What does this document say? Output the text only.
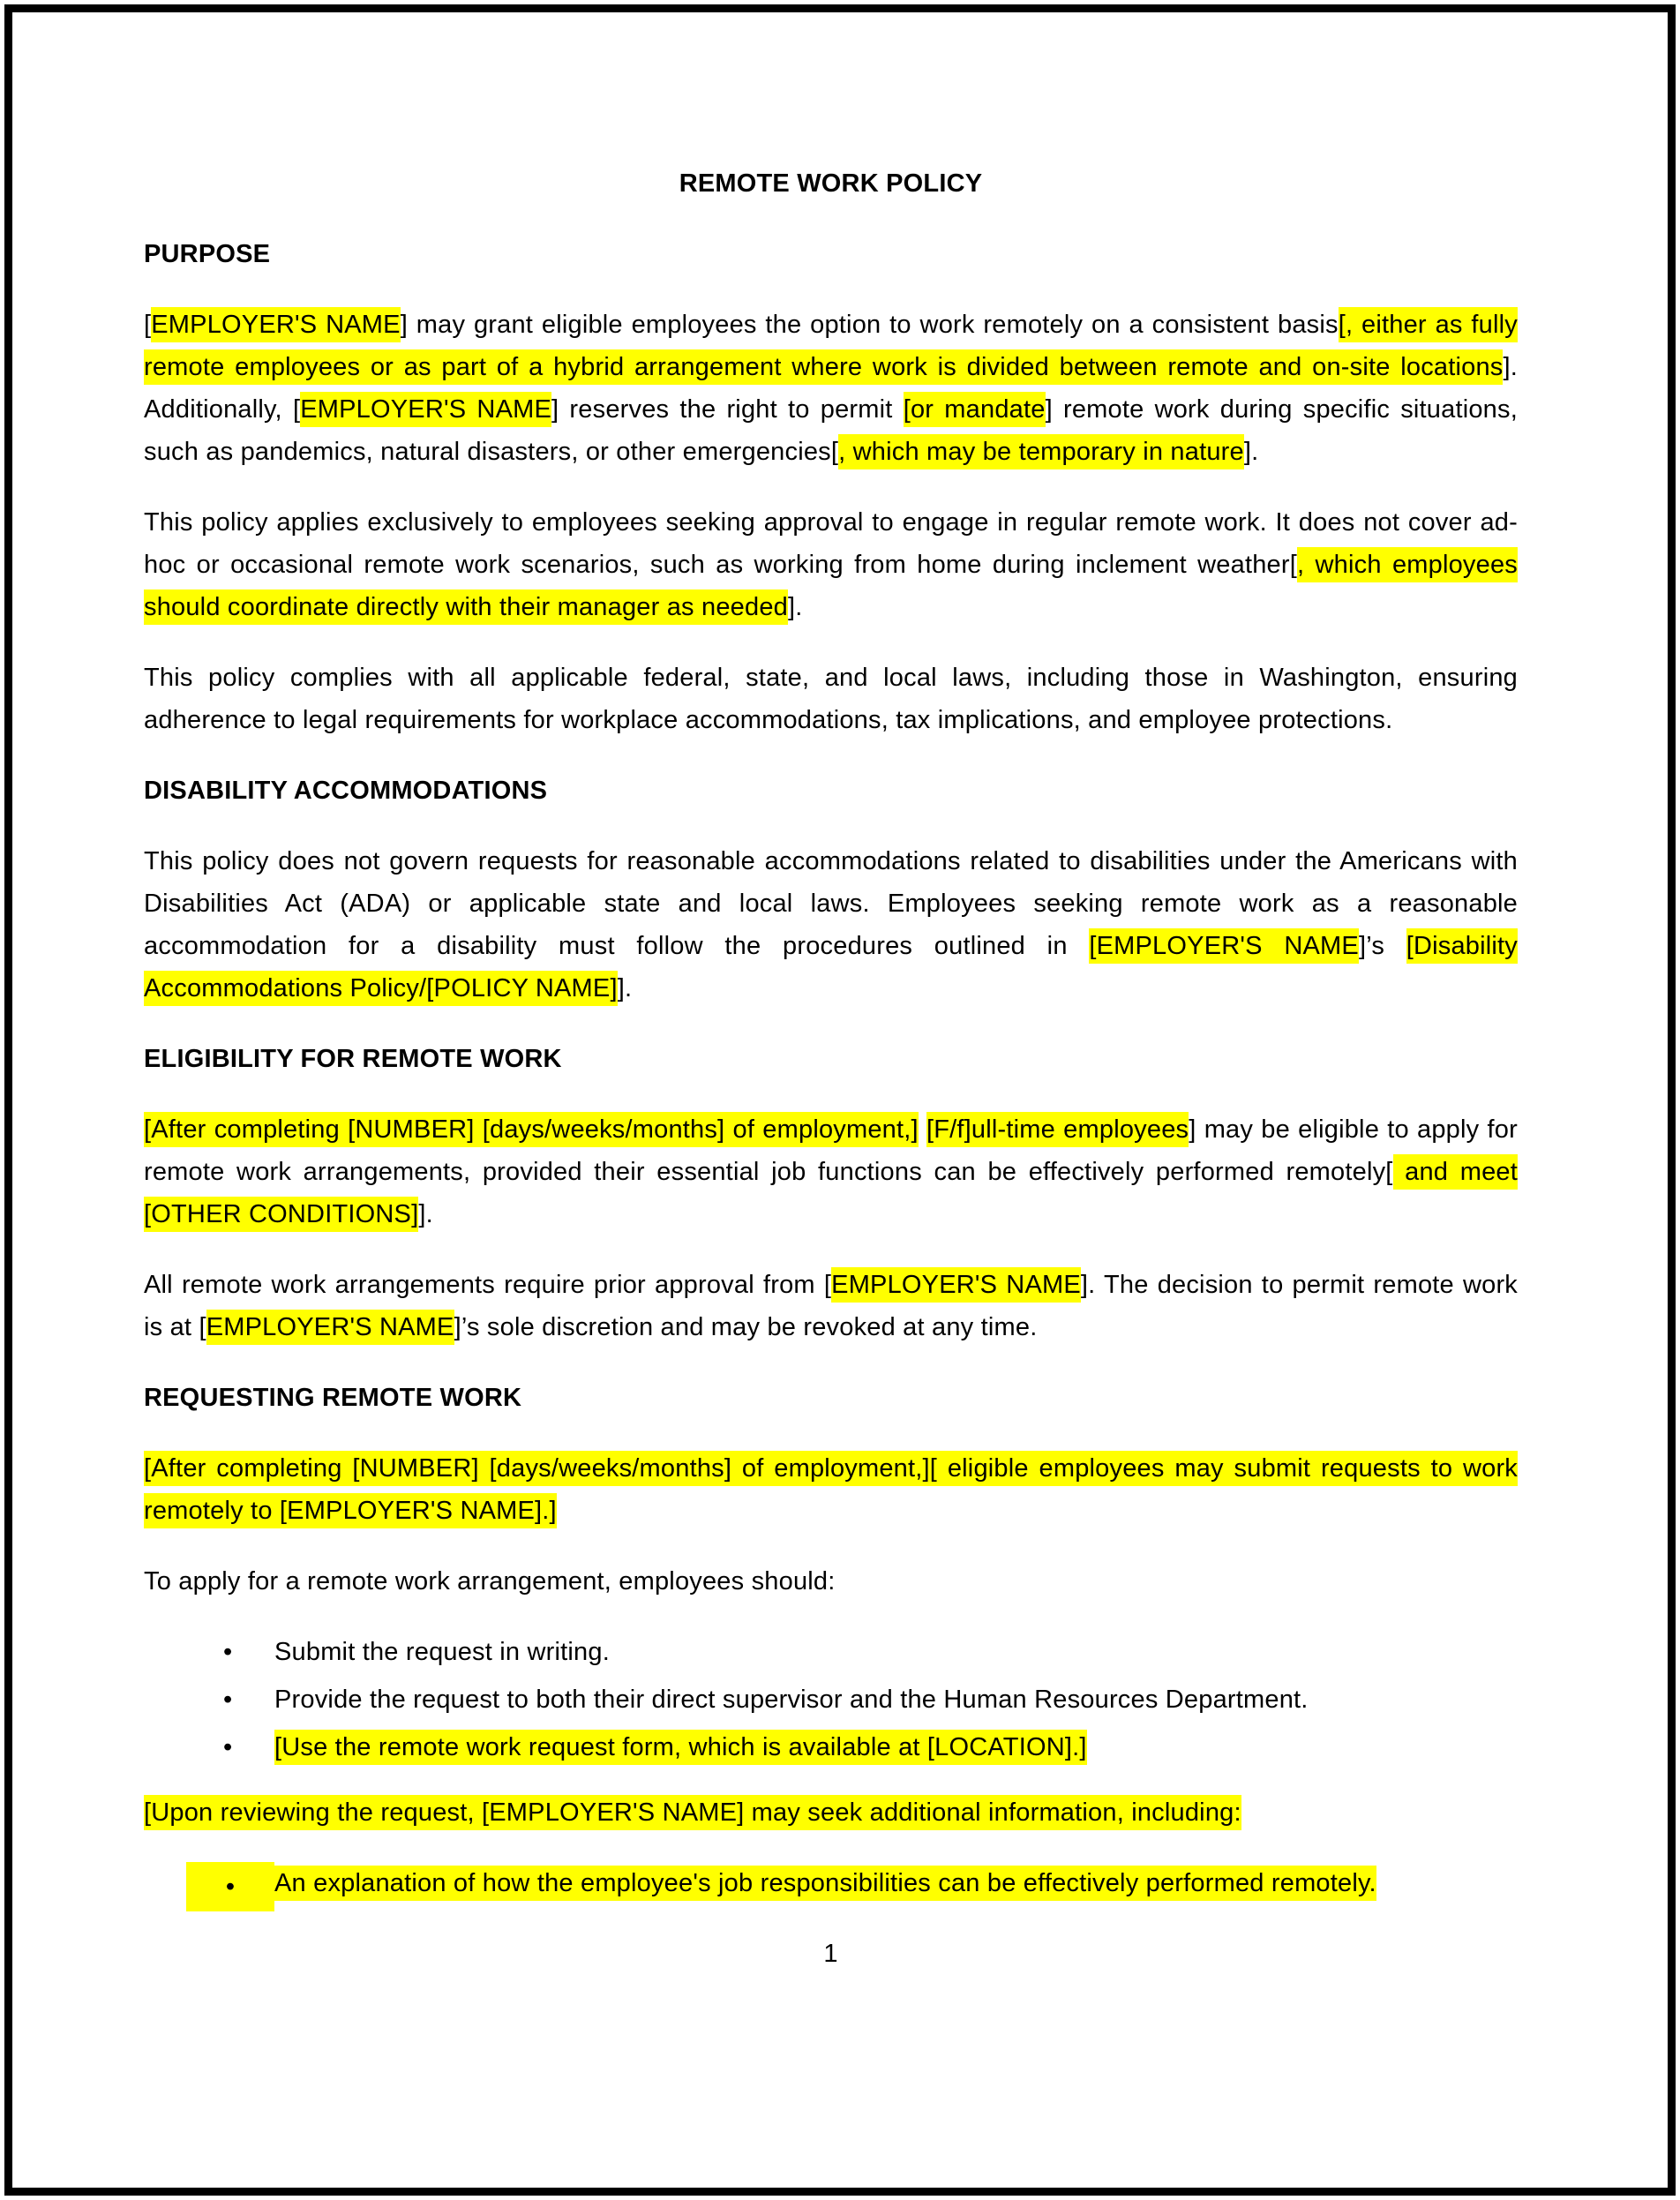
REMOTE WORK POLICY
PURPOSE

[EMPLOYER'S NAME] may grant eligible employees the option to work remotely on a consistent basis[, either as fully remote employees or as part of a hybrid arrangement where work is divided between remote and on-site locations]. Additionally, [EMPLOYER'S NAME] reserves the right to permit [or mandate] remote work during specific situations, such as pandemics, natural disasters, or other emergencies[, which may be temporary in nature].

This policy applies exclusively to employees seeking approval to engage in regular remote work. It does not cover ad-hoc or occasional remote work scenarios, such as working from home during inclement weather[, which employees should coordinate directly with their manager as needed].

This policy complies with all applicable federal, state, and local laws, including those in Washington, ensuring adherence to legal requirements for workplace accommodations, tax implications, and employee protections.

DISABILITY ACCOMMODATIONS

This policy does not govern requests for reasonable accommodations related to disabilities under the Americans with Disabilities Act (ADA) or applicable state and local laws. Employees seeking remote work as a reasonable accommodation for a disability must follow the procedures outlined in [EMPLOYER'S NAME]’s [Disability Accommodations Policy/[POLICY NAME]].

ELIGIBILITY FOR REMOTE WORK

[After completing [NUMBER] [days/weeks/months] of employment,] [F/f]ull-time employees] may be eligible to apply for remote work arrangements, provided their essential job functions can be effectively performed remotely[ and meet [OTHER CONDITIONS]].

All remote work arrangements require prior approval from [EMPLOYER'S NAME]. The decision to permit remote work is at [EMPLOYER'S NAME]’s sole discretion and may be revoked at any time.

REQUESTING REMOTE WORK

[After completing [NUMBER] [days/weeks/months] of employment,][ eligible employees may submit requests to work remotely to [EMPLOYER'S NAME].]

To apply for a remote work arrangement, employees should:

• Submit the request in writing.
• Provide the request to both their direct supervisor and the Human Resources Department.
• [Use the remote work request form, which is available at [LOCATION].]

[Upon reviewing the request, [EMPLOYER'S NAME] may seek additional information, including:

•	An explanation of how the employee's job responsibilities can be effectively performed remotely.
1
